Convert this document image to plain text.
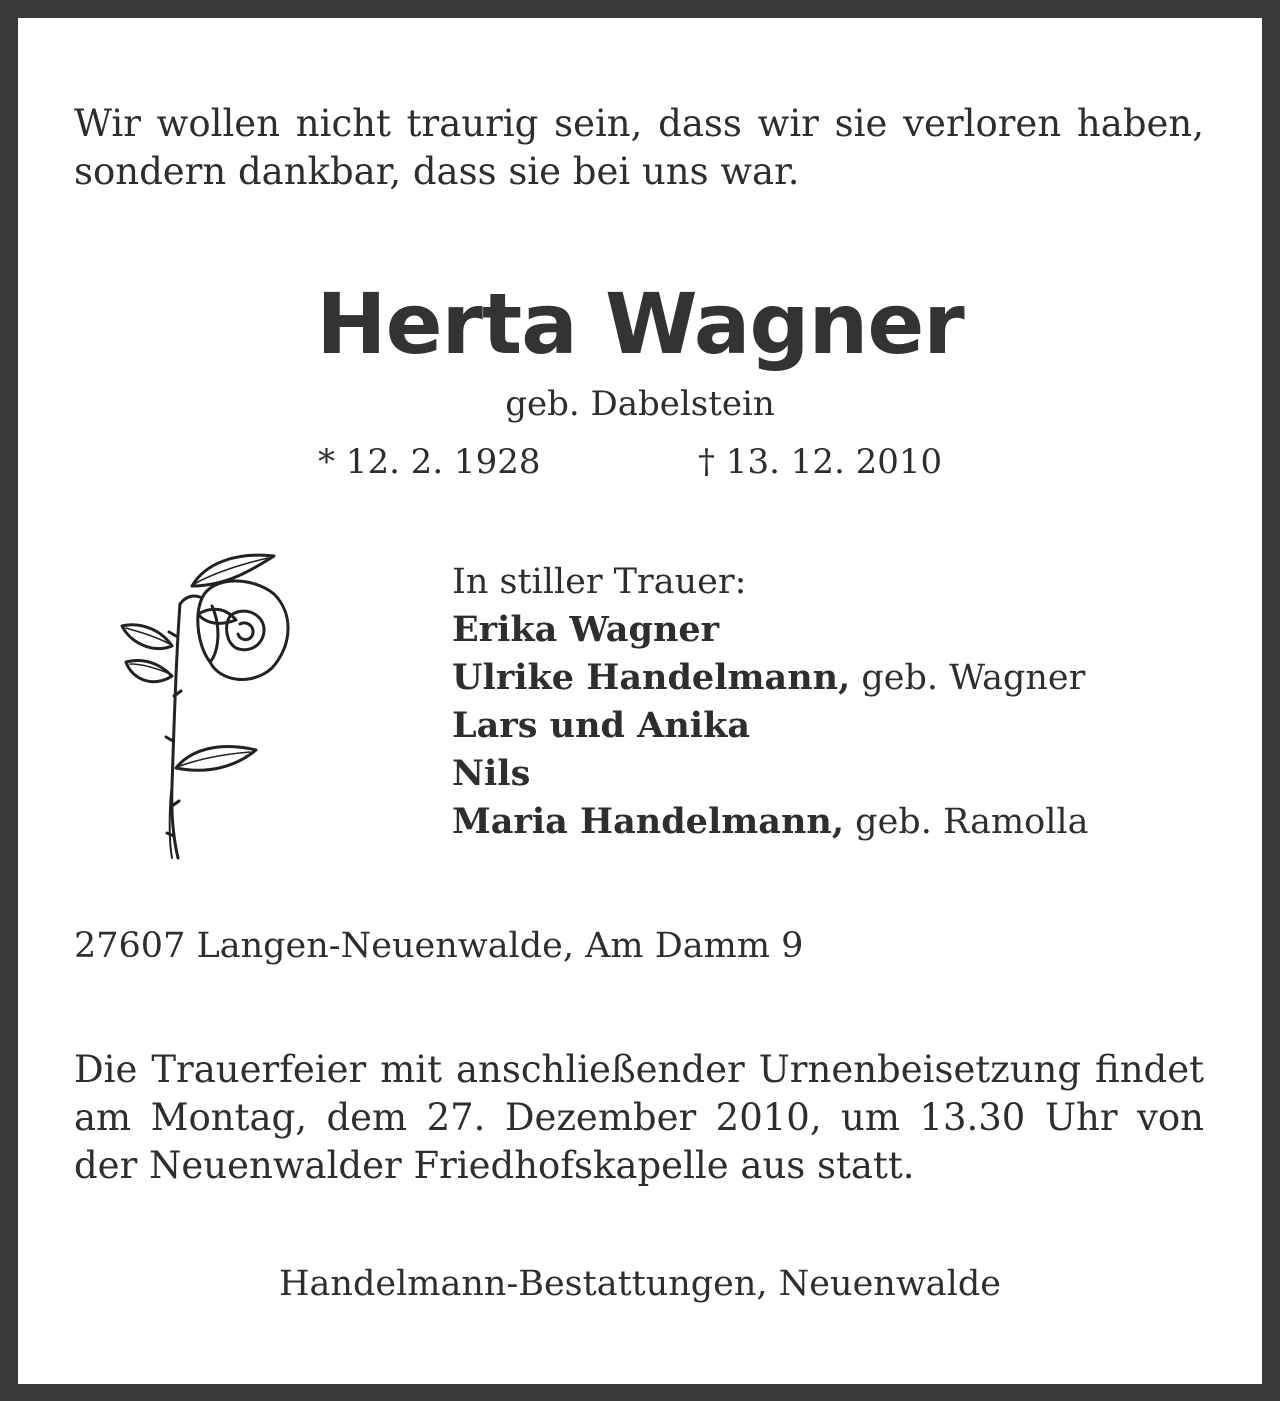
Wir wollen nicht traurig sein, dass wir sie verloren haben, sondern dankbar, dass sie bei uns war.

Herta Wagner
geb. Dabelstein
* 12. 2. 1928	† 13. 12. 2010
In stiller Trauer:
Erika Wagner
Ulrike Handelmann, geb. Wagner
Lars und Anika
Nils
Maria Handelmann, geb. Ramolla
27607 Langen-Neuenwalde, Am Damm 9

Die Trauerfeier mit anschließender Urnenbeisetzung findet am Montag, dem 27. Dezember 2010, um 13.30 Uhr von der Neuenwalder Friedhofskapelle aus statt.

Handelmann-Bestattungen, Neuenwalde
